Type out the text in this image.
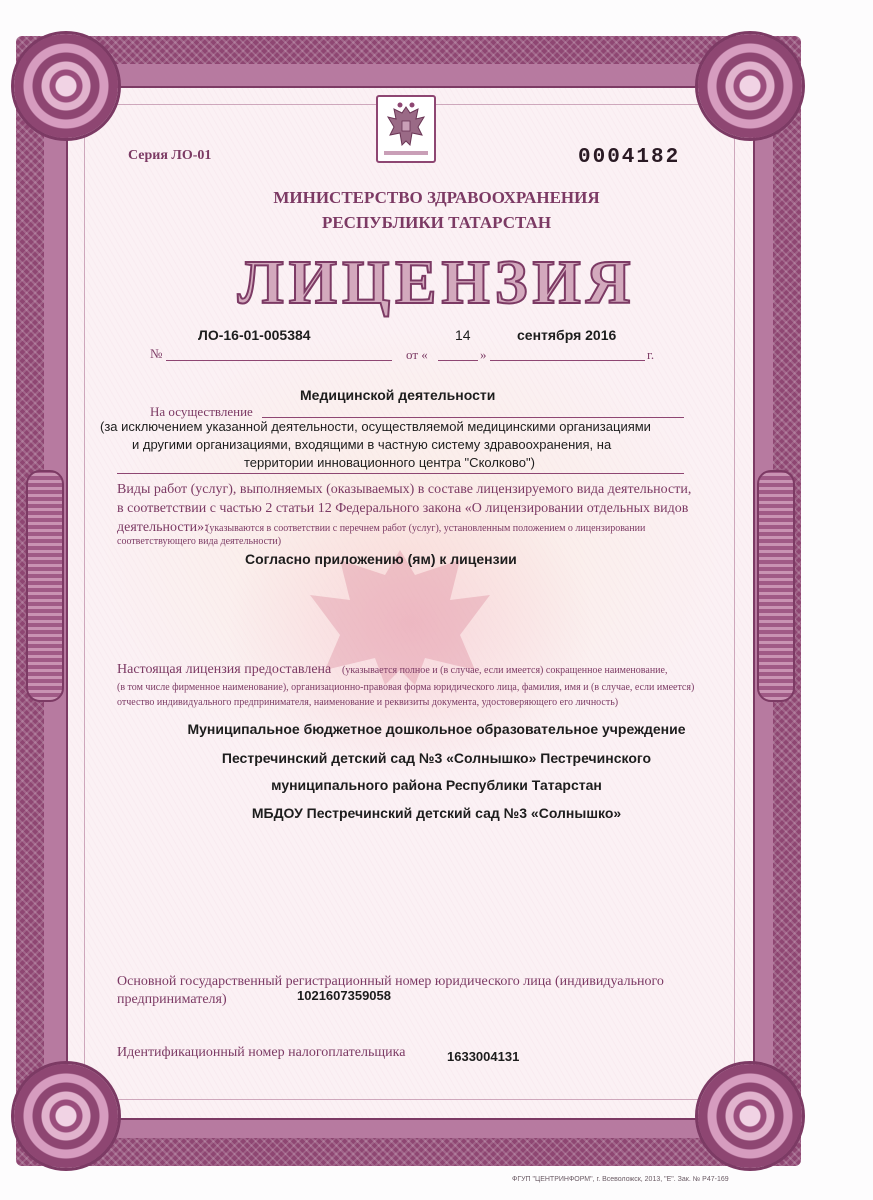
Серия ЛО-01	0004182
МИНИСТЕРСТВО ЗДРАВООХРАНЕНИЯ
РЕСПУБЛИКИ ТАТАРСТАН
ЛИЦЕНЗИЯ
№
ЛО-16-01-005384
от «
14
»
сентября 2016
г.
Медицинской деятельности
На осуществление
(за исключением указанной деятельности, осуществляемой медицинскими организациями
и другими организациями, входящими в частную систему здравоохранения, на
территории инновационного центра "Сколково")
Виды работ (услуг), выполняемых (оказываемых) в составе лицензируемого вида деятельности,
в соответствии с частью 2 статьи 12 Федерального закона «О лицензировании отдельных видов
деятельности»:
(указываются в соответствии с перечнем работ (услуг), установленным положением о лицензировании
соответствующего вида деятельности)
Согласно приложению (ям) к лицензии
Настоящая лицензия предоставлена (указывается полное и (в случае, если имеется) сокращенное наименование,
(в том числе фирменное наименование), организационно-правовая форма юридического лица, фамилия, имя и (в случае, если имеется)
отчество индивидуального предпринимателя, наименование и реквизиты документа, удостоверяющего его личность)
Муниципальное бюджетное дошкольное образовательное учреждение
Пестречинский детский сад №3 «Солнышко» Пестречинского
муниципального района Республики Татарстан
МБДОУ Пестречинский детский сад №3 «Солнышко»
Основной государственный регистрационный номер юридического лица (индивидуального
предпринимателя)	1021607359058
Идентификационный номер налогоплательщика	1633004131
ФГУП "ЦЕНТРИНФОРМ", г. Всеволожск, 2013, "Е". Зак. № Р47-169
